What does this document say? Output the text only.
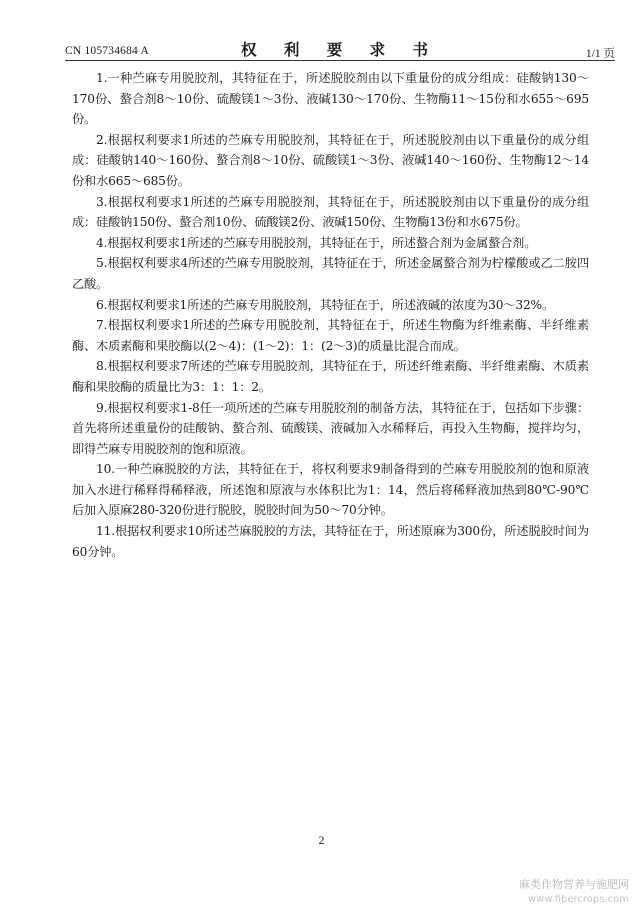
CN 105734684 A	权 利 要 求 书	1/1 页

1.一种苎麻专用脱胶剂，其特征在于，所述脱胶剂由以下重量份的成分组成：硅酸钠130～170份、螯合剂8～10份、硫酸镁1～3份、液碱130～170份、生物酶11～15份和水655～695份。

2.根据权利要求1所述的苎麻专用脱胶剂，其特征在于，所述脱胶剂由以下重量份的成分组成：硅酸钠140～160份、螯合剂8～10份、硫酸镁1～3份、液碱140～160份、生物酶12～14份和水665～685份。

3.根据权利要求1所述的苎麻专用脱胶剂，其特征在于，所述脱胶剂由以下重量份的成分组成：硅酸钠150份、螯合剂10份、硫酸镁2份、液碱150份、生物酶13份和水675份。

4.根据权利要求1所述的苎麻专用脱胶剂，其特征在于，所述螯合剂为金属螯合剂。

5.根据权利要求4所述的苎麻专用脱胶剂，其特征在于，所述金属螯合剂为柠檬酸或乙二胺四乙酸。

6.根据权利要求1所述的苎麻专用脱胶剂，其特征在于，所述液碱的浓度为30～32%。

7.根据权利要求1所述的苎麻专用脱胶剂，其特征在于，所述生物酶为纤维素酶、半纤维素酶、木质素酶和果胶酶以(2～4)：(1～2)：1：(2～3)的质量比混合而成。

8.根据权利要求7所述的苎麻专用脱胶剂，其特征在于，所述纤维素酶、半纤维素酶、木质素酶和果胶酶的质量比为3：1：1：2。

9.根据权利要求1-8任一项所述的苎麻专用脱胶剂的制备方法，其特征在于，包括如下步骤：首先将所述重量份的硅酸钠、螯合剂、硫酸镁、液碱加入水稀释后，再投入生物酶，搅拌均匀，即得苎麻专用脱胶剂的饱和原液。

10.一种苎麻脱胶的方法，其特征在于，将权利要求9制备得到的苎麻专用脱胶剂的饱和原液加入水进行稀释得稀释液，所述饱和原液与水体积比为1：14，然后将稀释液加热到80℃-90℃后加入原麻280-320份进行脱胶，脱胶时间为50～70分钟。

11.根据权利要求10所述苎麻脱胶的方法，其特征在于，所述原麻为300份，所述脱胶时间为60分钟。

2
麻类作物营养与施肥网
www.fibercrops.com
